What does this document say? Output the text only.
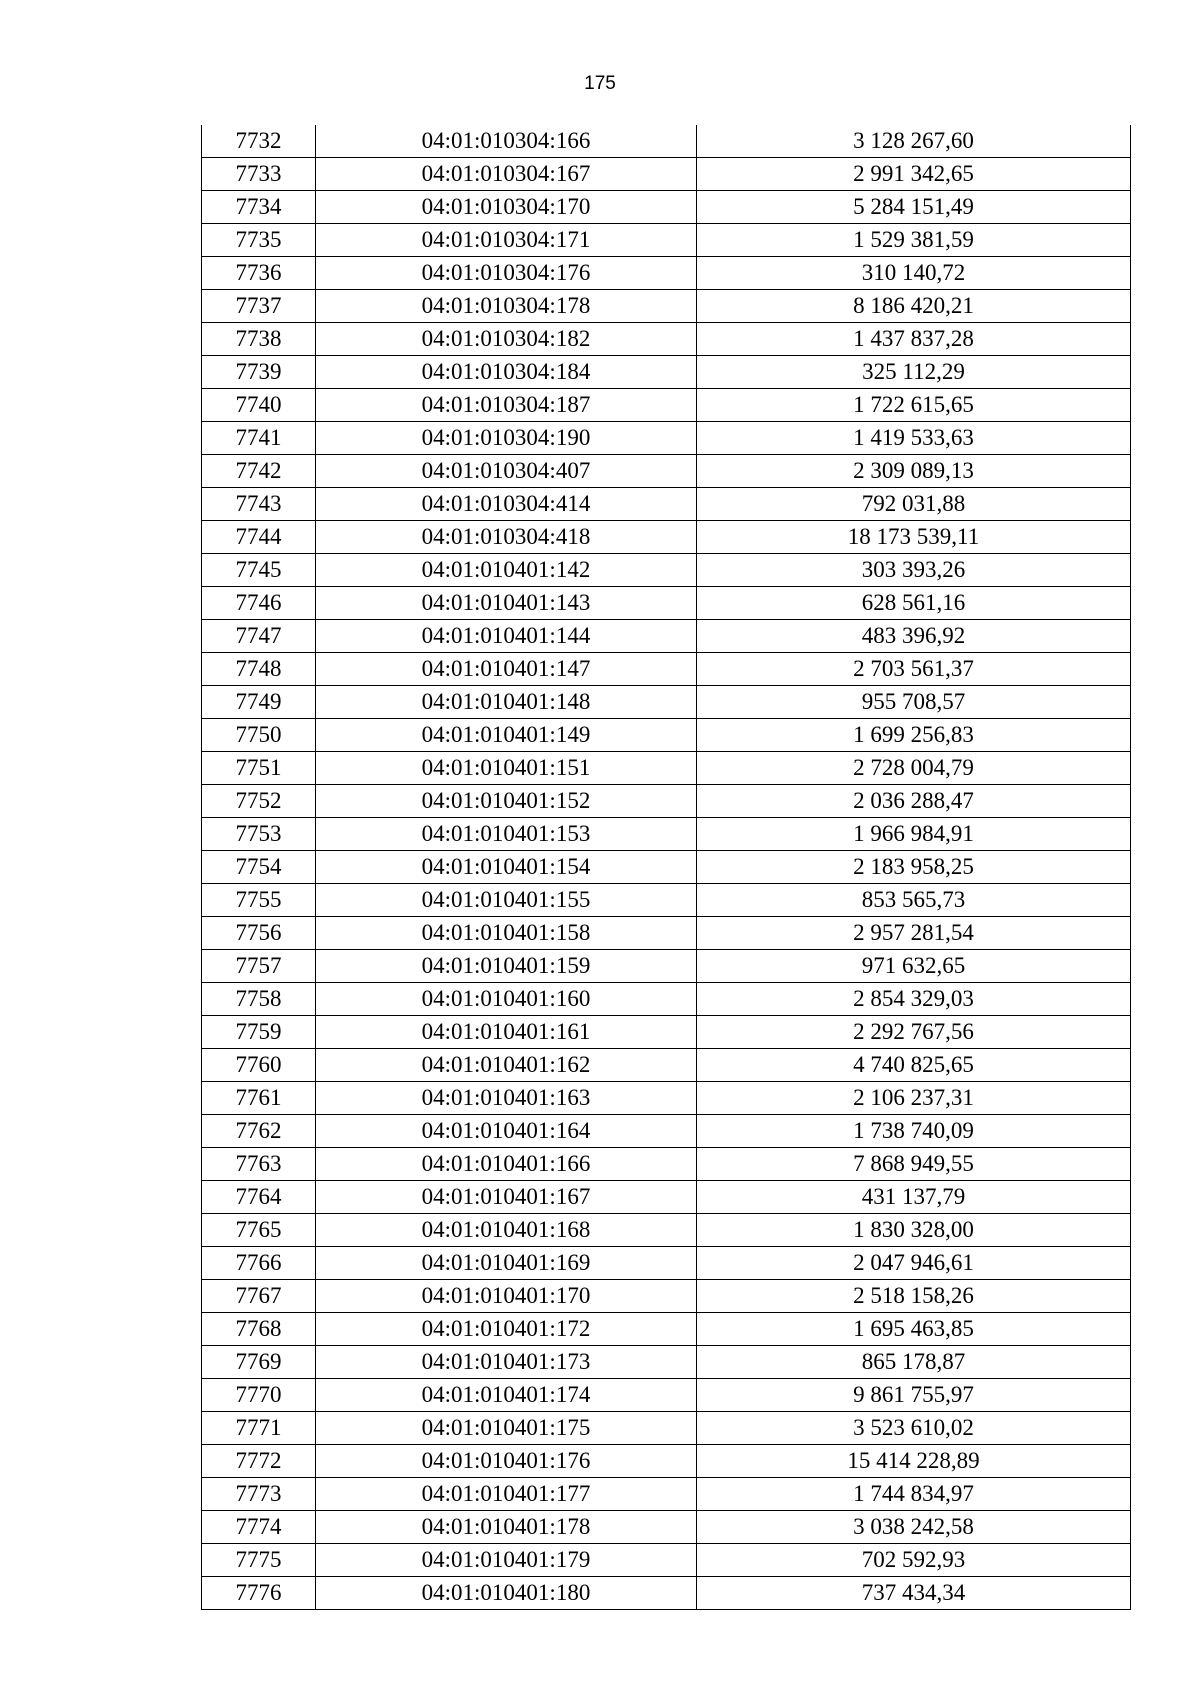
175
7732	04:01:010304:166	3 128 267,60
7733	04:01:010304:167	2 991 342,65
7734	04:01:010304:170	5 284 151,49
7735	04:01:010304:171	1 529 381,59
7736	04:01:010304:176	310 140,72
7737	04:01:010304:178	8 186 420,21
7738	04:01:010304:182	1 437 837,28
7739	04:01:010304:184	325 112,29
7740	04:01:010304:187	1 722 615,65
7741	04:01:010304:190	1 419 533,63
7742	04:01:010304:407	2 309 089,13
7743	04:01:010304:414	792 031,88
7744	04:01:010304:418	18 173 539,11
7745	04:01:010401:142	303 393,26
7746	04:01:010401:143	628 561,16
7747	04:01:010401:144	483 396,92
7748	04:01:010401:147	2 703 561,37
7749	04:01:010401:148	955 708,57
7750	04:01:010401:149	1 699 256,83
7751	04:01:010401:151	2 728 004,79
7752	04:01:010401:152	2 036 288,47
7753	04:01:010401:153	1 966 984,91
7754	04:01:010401:154	2 183 958,25
7755	04:01:010401:155	853 565,73
7756	04:01:010401:158	2 957 281,54
7757	04:01:010401:159	971 632,65
7758	04:01:010401:160	2 854 329,03
7759	04:01:010401:161	2 292 767,56
7760	04:01:010401:162	4 740 825,65
7761	04:01:010401:163	2 106 237,31
7762	04:01:010401:164	1 738 740,09
7763	04:01:010401:166	7 868 949,55
7764	04:01:010401:167	431 137,79
7765	04:01:010401:168	1 830 328,00
7766	04:01:010401:169	2 047 946,61
7767	04:01:010401:170	2 518 158,26
7768	04:01:010401:172	1 695 463,85
7769	04:01:010401:173	865 178,87
7770	04:01:010401:174	9 861 755,97
7771	04:01:010401:175	3 523 610,02
7772	04:01:010401:176	15 414 228,89
7773	04:01:010401:177	1 744 834,97
7774	04:01:010401:178	3 038 242,58
7775	04:01:010401:179	702 592,93
7776	04:01:010401:180	737 434,34
